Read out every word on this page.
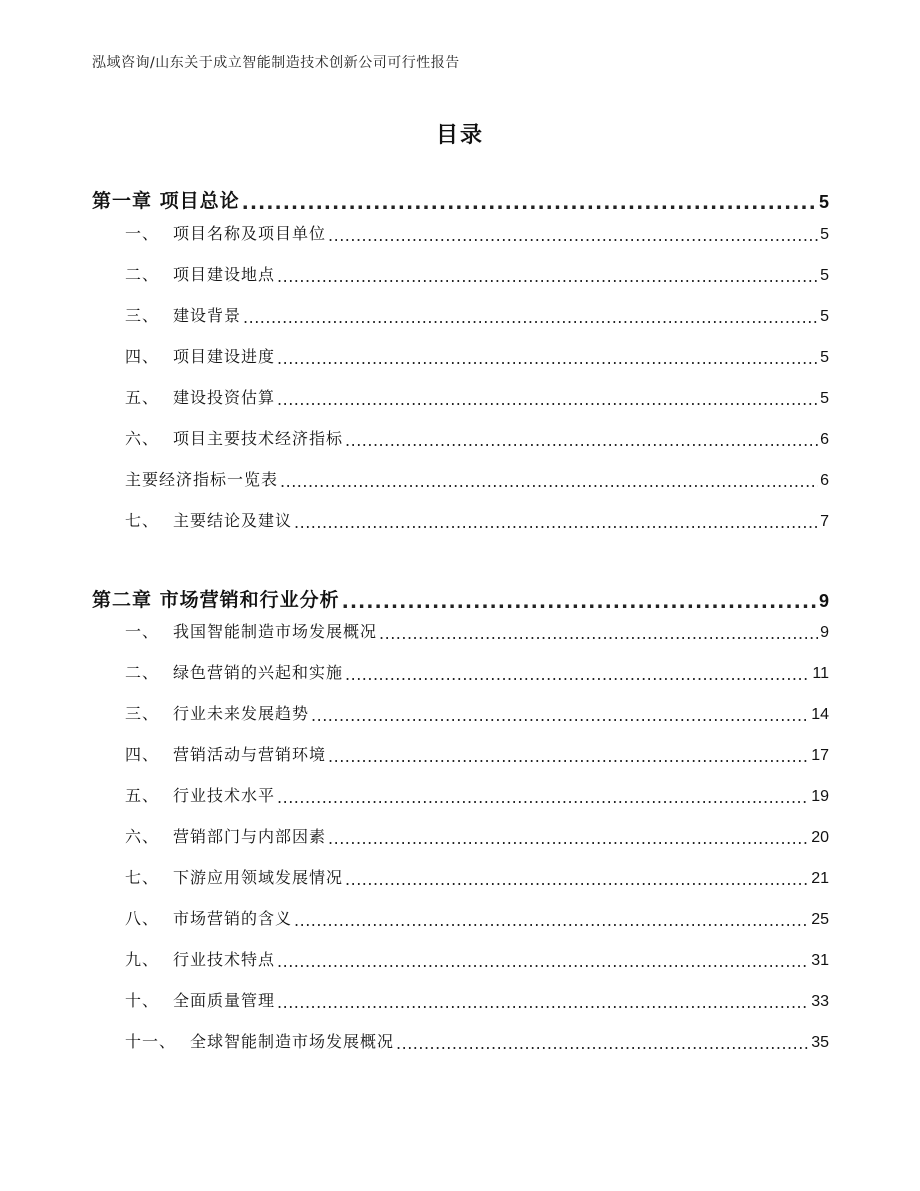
泓域咨询/山东关于成立智能制造技术创新公司可行性报告
目录
第一章 项目总论 .....	5
一、 项目名称及项目单位 .....	5
二、 项目建设地点 .....	5
三、 建设背景 .....	5
四、 项目建设进度 .....	5
五、 建设投资估算 .....	5
六、 项目主要技术经济指标 .....	6
主要经济指标一览表 .....	6
七、 主要结论及建议 .....	7
第二章 市场营销和行业分析 .....	9
一、 我国智能制造市场发展概况 .....	9
二、 绿色营销的兴起和实施 .....	11
三、 行业未来发展趋势 .....	14
四、 营销活动与营销环境 .....	17
五、 行业技术水平 .....	19
六、 营销部门与内部因素 .....	20
七、 下游应用领域发展情况 .....	21
八、 市场营销的含义 .....	25
九、 行业技术特点 .....	31
十、 全面质量管理 .....	33
十一、 全球智能制造市场发展概况 .....	35
